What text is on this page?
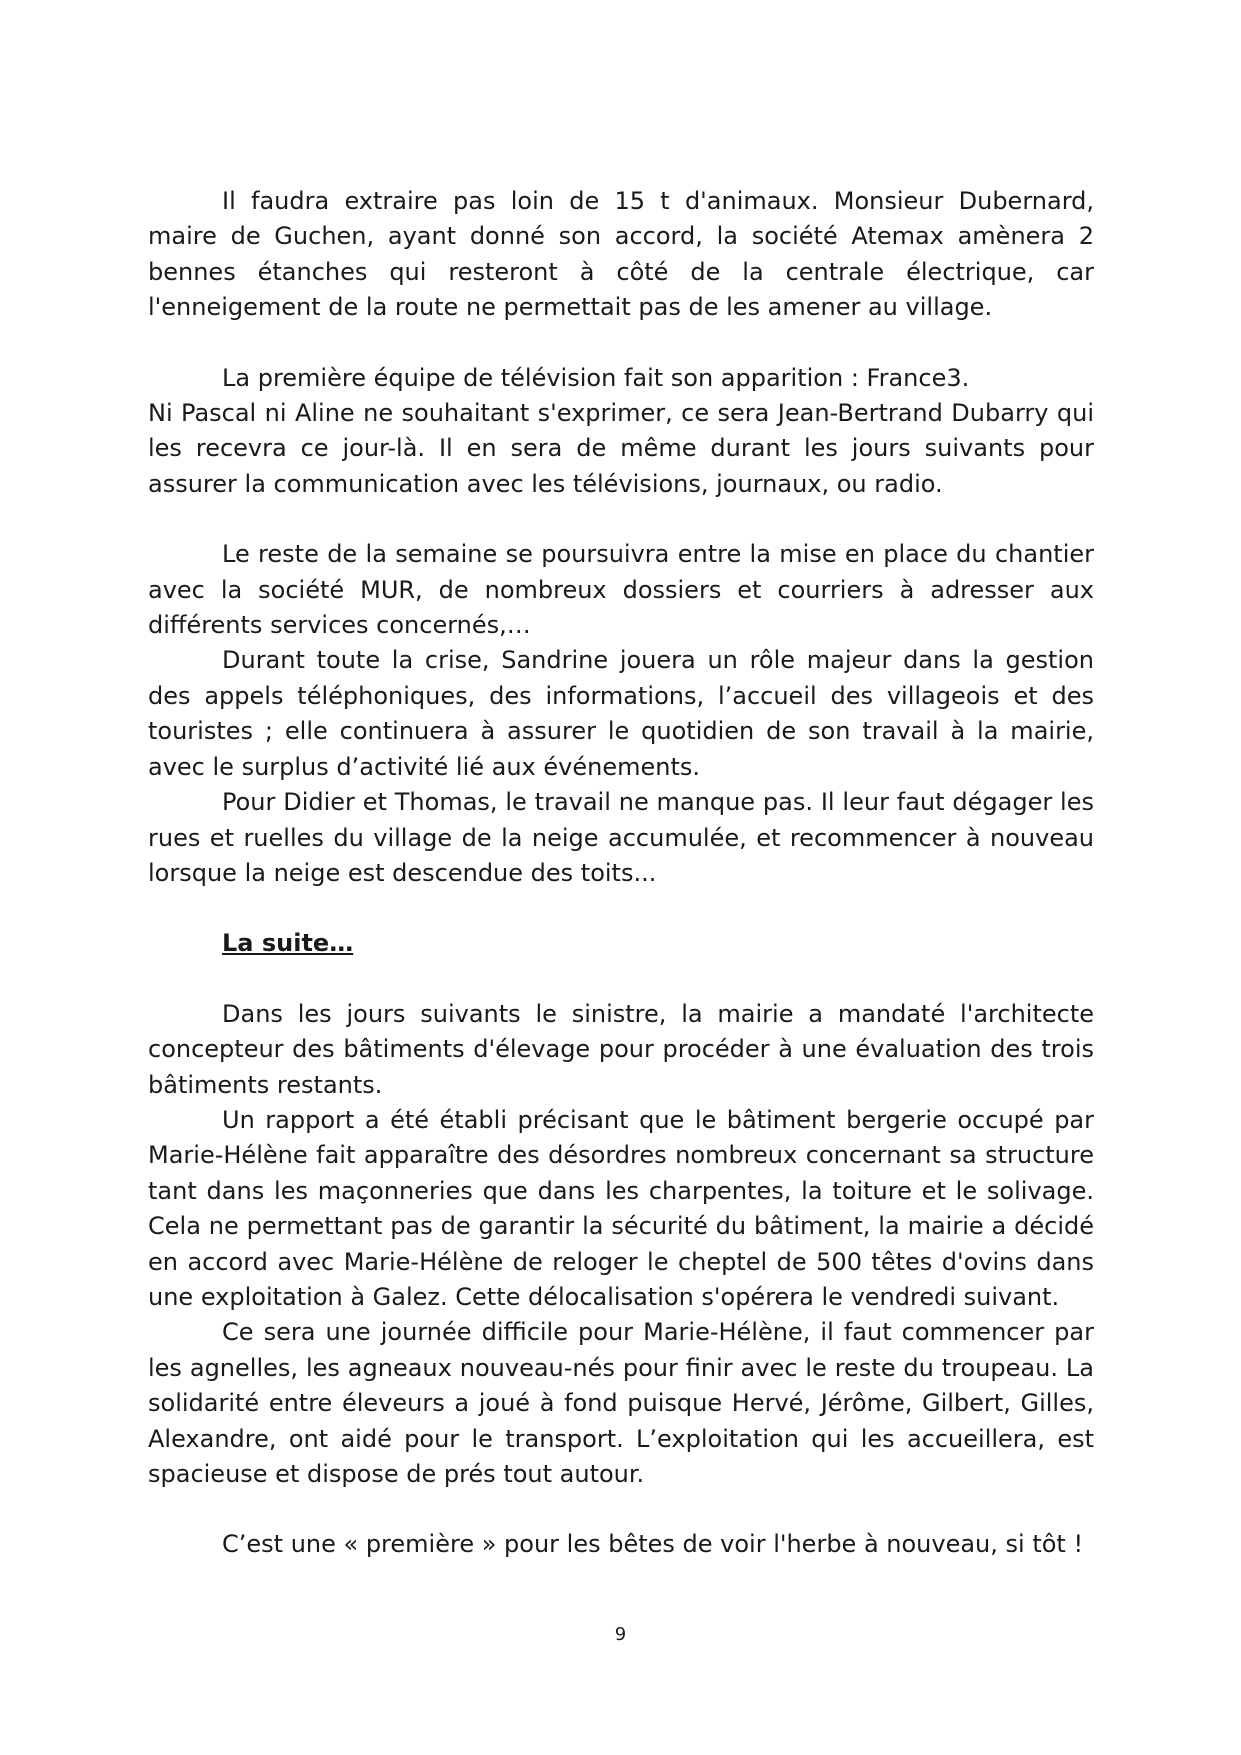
Il faudra extraire pas loin de 15 t d'animaux. Monsieur Dubernard, maire de Guchen, ayant donné son accord, la société Atemax amènera 2 bennes étanches qui resteront à côté de la centrale électrique, car l'enneigement de la route ne permettait pas de les amener au village.

La première équipe de télévision fait son apparition : France3.

Ni Pascal ni Aline ne souhaitant s'exprimer, ce sera Jean-Bertrand Dubarry qui les recevra ce jour-là. Il en sera de même durant les jours suivants pour assurer la communication avec les télévisions, journaux, ou radio.

Le reste de la semaine se poursuivra entre la mise en place du chantier avec la société MUR, de nombreux dossiers et courriers à adresser aux différents services concernés,…

Durant toute la crise, Sandrine jouera un rôle majeur dans la gestion des appels téléphoniques, des informations, l’accueil des villageois et des touristes ; elle continuera à assurer le quotidien de son travail à la mairie, avec le surplus d’activité lié aux événements.

Pour Didier et Thomas, le travail ne manque pas. Il leur faut dégager les rues et ruelles du village de la neige accumulée, et recommencer à nouveau lorsque la neige est descendue des toits...

La suite…

Dans les jours suivants le sinistre, la mairie a mandaté l'architecte concepteur des bâtiments d'élevage pour procéder à une évaluation des trois bâtiments restants.

Un rapport a été établi précisant que le bâtiment bergerie occupé par Marie-Hélène fait apparaître des désordres nombreux concernant sa structure tant dans les maçonneries que dans les charpentes, la toiture et le solivage. Cela ne permettant pas de garantir la sécurité du bâtiment, la mairie a décidé en accord avec Marie-Hélène de reloger le cheptel de 500 têtes d'ovins dans une exploitation à Galez. Cette délocalisation s'opérera le vendredi suivant.

Ce sera une journée difficile pour Marie-Hélène, il faut commencer par les agnelles, les agneaux nouveau-nés pour finir avec le reste du troupeau. La solidarité entre éleveurs a joué à fond puisque Hervé, Jérôme, Gilbert, Gilles, Alexandre, ont aidé pour le transport. L’exploitation qui les accueillera, est spacieuse et dispose de prés tout autour.

C’est une « première » pour les bêtes de voir l'herbe à nouveau, si tôt !

9
